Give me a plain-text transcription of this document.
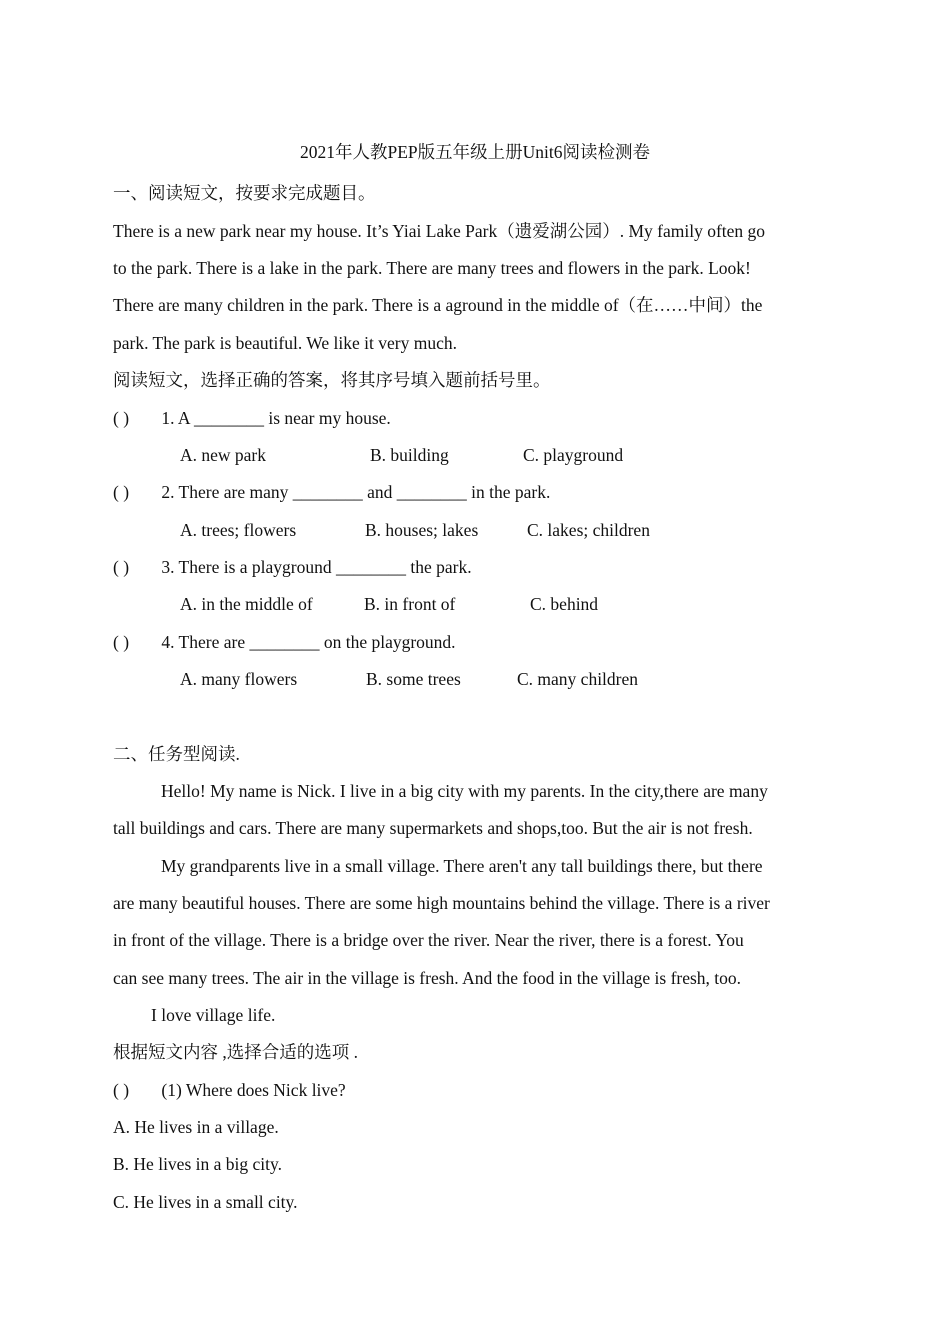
2021年人教PEP版五年级上册Unit6阅读检测卷
一、阅读短文，按要求完成题目。
There is a new park near my house. It’s Yiai Lake Park（遗爱湖公园）. My family often go
to the park. There is a lake in the park. There are many trees and flowers in the park. Look!
There are many children in the park. There is a aground in the middle of（在……中间）the
park. The park is beautiful. We like it very much.
阅读短文，选择正确的答案，将其序号填入题前括号里。
( ) 1. A ________ is near my house.
A. new park	B. building	C. playground
( ) 2. There are many ________ and ________ in the park.
A. trees; flowers	B. houses; lakes	C. lakes; children
( ) 3. There is a playground ________ the park.
A. in the middle of	B. in front of	C. behind
( ) 4. There are ________ on the playground.
A. many flowers	B. some trees	C. many children
二、任务型阅读.
Hello! My name is Nick. I live in a big city with my parents. In the city,there are many
tall buildings and cars. There are many supermarkets and shops,too. But the air is not fresh.
My grandparents live in a small village. There aren't any tall buildings there, but there
are many beautiful houses. There are some high mountains behind the village. There is a river
in front of the village. There is a bridge over the river. Near the river, there is a forest. You
can see many trees. The air in the village is fresh. And the food in the village is fresh, too.
I love village life.
根据短文内容 ,选择合适的选项 .
( ) (1) Where does Nick live?
A. He lives in a village.
B. He lives in a big city.
C. He lives in a small city.
